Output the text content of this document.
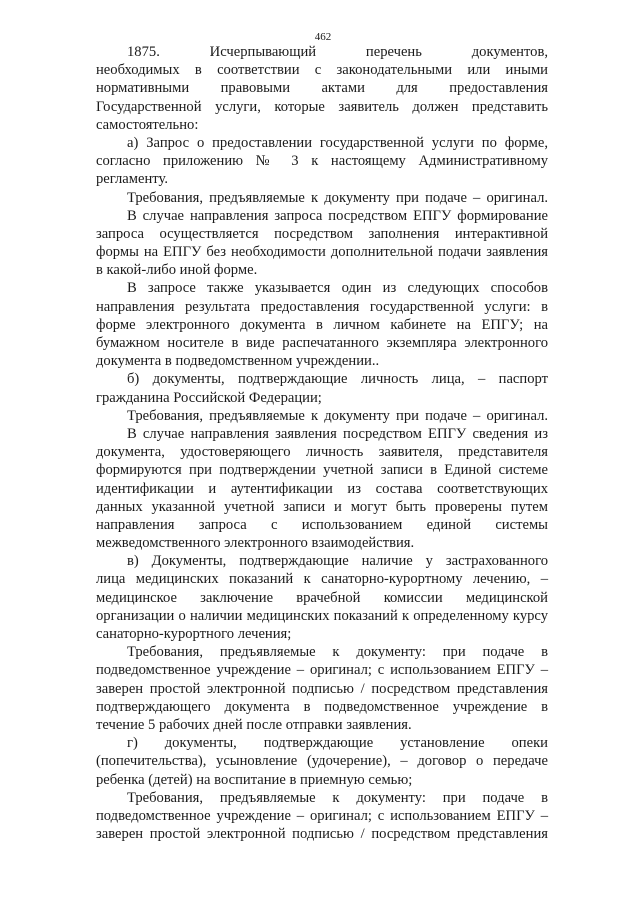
462
1875. Исчерпывающий перечень документов,
необходимых в соответствии с законодательными или иными
нормативными правовыми актами для предоставления
Государственной услуги, которые заявитель должен представить
самостоятельно:
а) Запрос о предоставлении государственной услуги по форме,
согласно приложению № 3 к настоящему Административному
регламенту.
Требования, предъявляемые к документу при подаче – оригинал.
В случае направления запроса посредством ЕПГУ формирование
запроса осуществляется посредством заполнения интерактивной
формы на ЕПГУ без необходимости дополнительной подачи заявления
в какой-либо иной форме.
В запросе также указывается один из следующих способов
направления результата предоставления государственной услуги: в
форме электронного документа в личном кабинете на ЕПГУ; на
бумажном носителе в виде распечатанного экземпляра электронного
документа в подведомственном учреждении..
б) документы, подтверждающие личность лица, – паспорт
гражданина Российской Федерации;
Требования, предъявляемые к документу при подаче – оригинал.
В случае направления заявления посредством ЕПГУ сведения из
документа, удостоверяющего личность заявителя, представителя
формируются при подтверждении учетной записи в Единой системе
идентификации и аутентификации из состава соответствующих
данных указанной учетной записи и могут быть проверены путем
направления запроса с использованием единой системы
межведомственного электронного взаимодействия.
в) Документы, подтверждающие наличие у застрахованного
лица медицинских показаний к санаторно-курортному лечению, –
медицинское заключение врачебной комиссии медицинской
организации о наличии медицинских показаний к определенному курсу
санаторно-курортного лечения;
Требования, предъявляемые к документу: при подаче в
подведомственное учреждение – оригинал; с использованием ЕПГУ –
заверен простой электронной подписью / посредством представления
подтверждающего документа в подведомственное учреждение в
течение 5 рабочих дней после отправки заявления.
г) документы, подтверждающие установление опеки
(попечительства), усыновление (удочерение), – договор о передаче
ребенка (детей) на воспитание в приемную семью;
Требования, предъявляемые к документу: при подаче в
подведомственное учреждение – оригинал; с использованием ЕПГУ –
заверен простой электронной подписью / посредством представления
